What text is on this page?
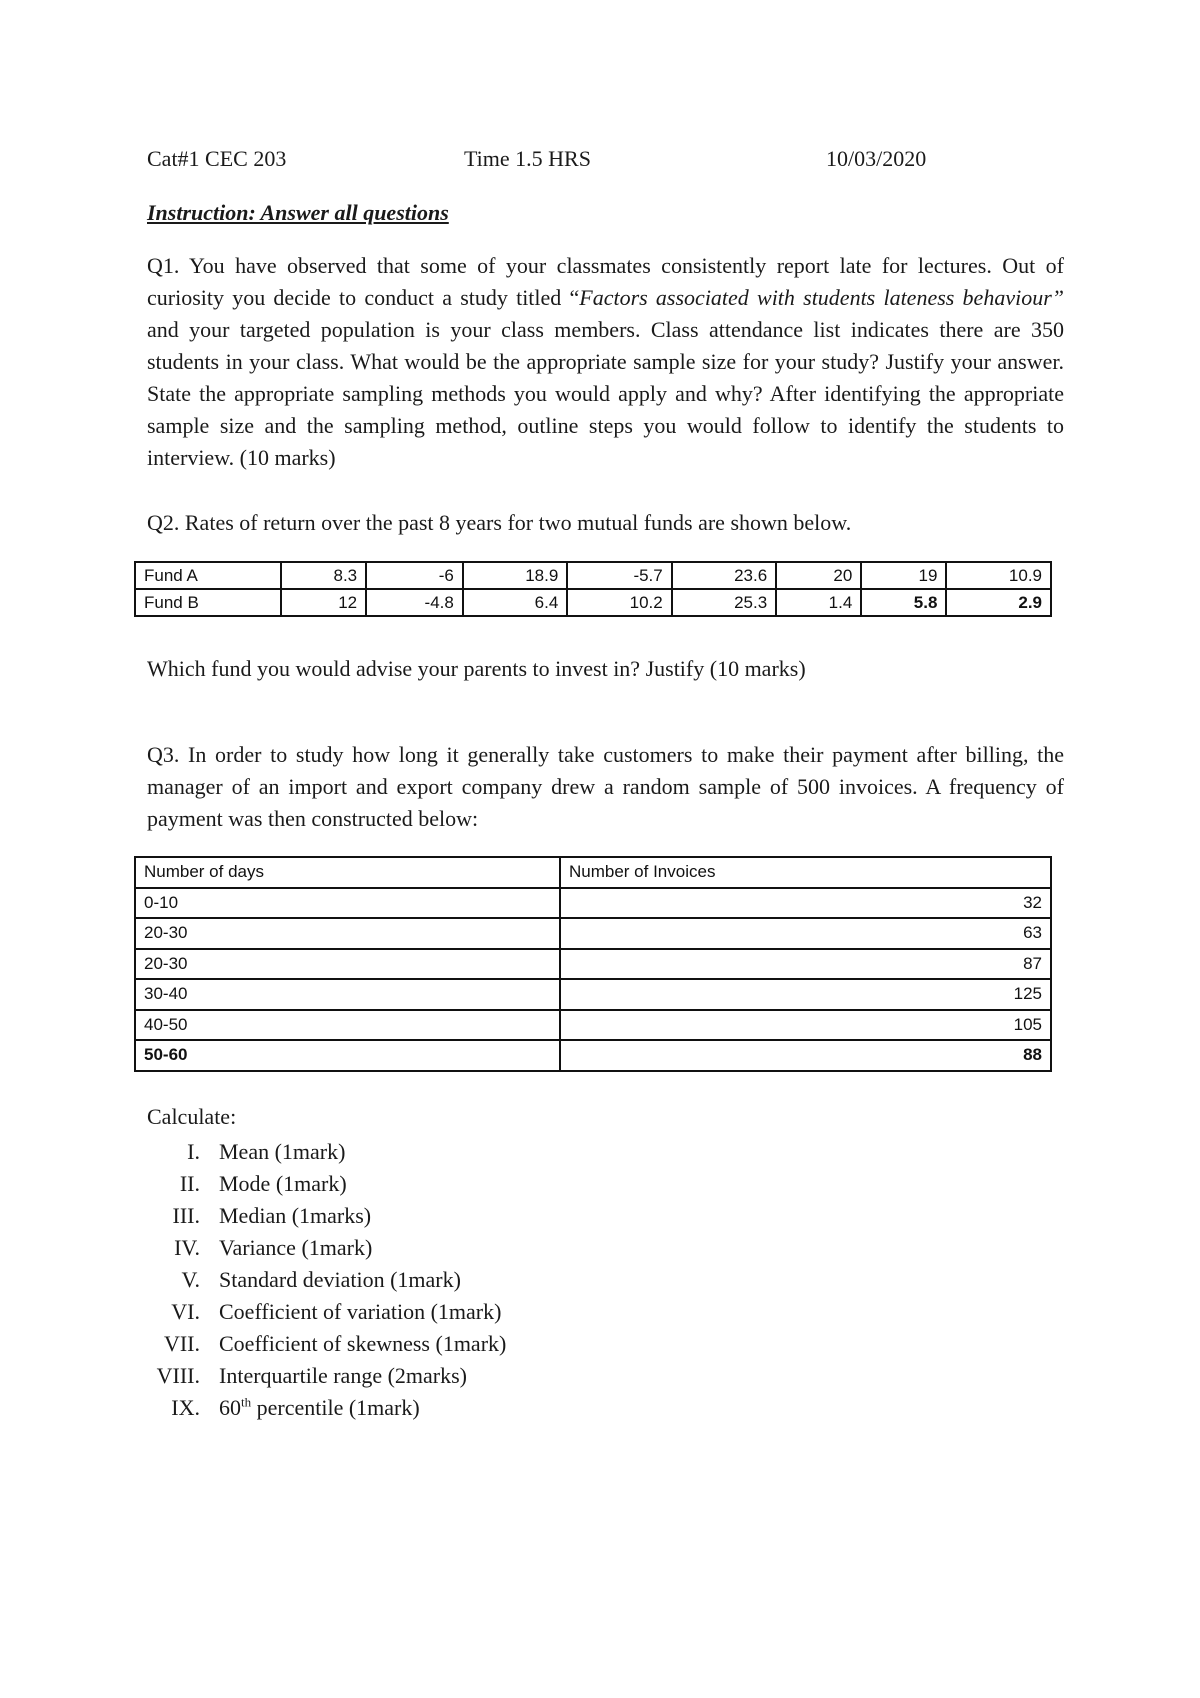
Cat#1 CEC 203	Time 1.5 HRS	10/03/2020
Instruction: Answer all questions
Q1. You have observed that some of your classmates consistently report late for lectures. Out of curiosity you decide to conduct a study titled “Factors associated with students lateness behaviour” and your targeted population is your class members. Class attendance list indicates there are 350 students in your class. What would be the appropriate sample size for your study? Justify your answer. State the appropriate sampling methods you would apply and why? After identifying the appropriate sample size and the sampling method, outline steps you would follow to identify the students to interview. (10 marks)
Q2. Rates of return over the past 8 years for two mutual funds are shown below.
Fund A	8.3	-6	18.9	-5.7	23.6	20	19	10.9
Fund B	12	-4.8	6.4	10.2	25.3	1.4	5.8	2.9
Which fund you would advise your parents to invest in? Justify (10 marks)
Q3. In order to study how long it generally take customers to make their payment after billing, the manager of an import and export company drew a random sample of 500 invoices. A frequency of payment was then constructed below:
Number of days	Number of Invoices
0-10	32
20-30	63
20-30	87
30-40	125
40-50	105
50-60	88
Calculate:
I. Mean (1mark)
II. Mode (1mark)
III. Median (1marks)
IV. Variance (1mark)
V. Standard deviation (1mark)
VI. Coefficient of variation (1mark)
VII. Coefficient of skewness (1mark)
VIII. Interquartile range (2marks)
IX. 60th percentile (1mark)
